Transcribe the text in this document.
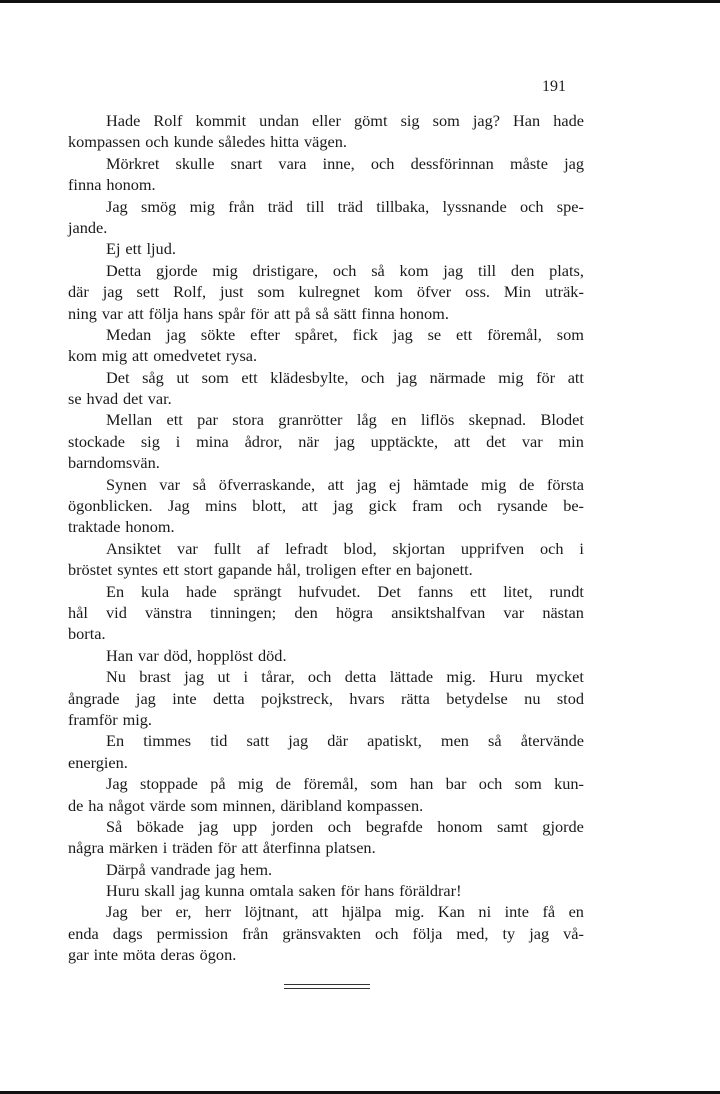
191
Hade Rolf kommit undan eller gömt sig som jag? Han hade
kompassen och kunde således hitta vägen.
Mörkret skulle snart vara inne, och dessförinnan måste jag
finna honom.
Jag smög mig från träd till träd tillbaka, lyssnande och spe-
jande.
Ej ett ljud.
Detta gjorde mig dristigare, och så kom jag till den plats,
där jag sett Rolf, just som kulregnet kom öfver oss. Min uträk-
ning var att följa hans spår för att på så sätt finna honom.
Medan jag sökte efter spåret, fick jag se ett föremål, som
kom mig att omedvetet rysa.
Det såg ut som ett klädesbylte, och jag närmade mig för att
se hvad det var.
Mellan ett par stora granrötter låg en liflös skepnad. Blodet
stockade sig i mina ådror, när jag upptäckte, att det var min
barndomsvän.
Synen var så öfverraskande, att jag ej hämtade mig de första
ögonblicken. Jag mins blott, att jag gick fram och rysande be-
traktade honom.
Ansiktet var fullt af lefradt blod, skjortan upprifven och i
bröstet syntes ett stort gapande hål, troligen efter en bajonett.
En kula hade sprängt hufvudet. Det fanns ett litet, rundt
hål vid vänstra tinningen; den högra ansiktshalfvan var nästan
borta.
Han var död, hopplöst död.
Nu brast jag ut i tårar, och detta lättade mig. Huru mycket
ångrade jag inte detta pojkstreck, hvars rätta betydelse nu stod
framför mig.
En timmes tid satt jag där apatiskt, men så återvände
energien.
Jag stoppade på mig de föremål, som han bar och som kun-
de ha något värde som minnen, däribland kompassen.
Så bökade jag upp jorden och begrafde honom samt gjorde
några märken i träden för att återfinna platsen.
Därpå vandrade jag hem.
Huru skall jag kunna omtala saken för hans föräldrar!
Jag ber er, herr löjtnant, att hjälpa mig. Kan ni inte få en
enda dags permission från gränsvakten och följa med, ty jag vå-
gar inte möta deras ögon.
